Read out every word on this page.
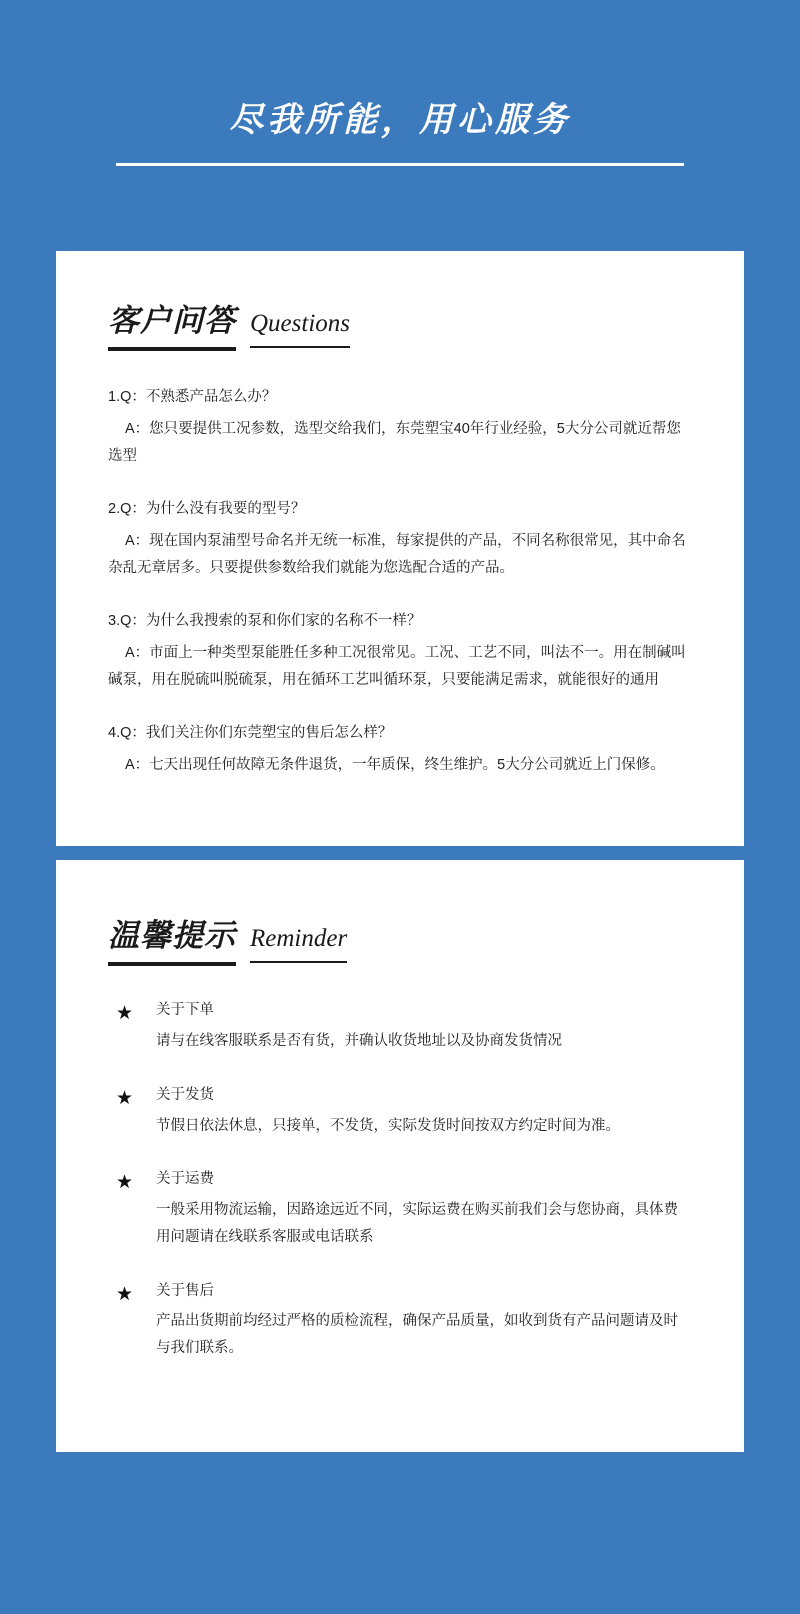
尽我所能，用心服务
客户问答 Questions
1.Q：不熟悉产品怎么办？
A：您只要提供工况参数，选型交给我们，东莞塑宝40年行业经验，5大分公司就近帮您选型
2.Q：为什么没有我要的型号？
A：现在国内泵浦型号命名并无统一标准，每家提供的产品，不同名称很常见，其中命名杂乱无章居多。只要提供参数给我们就能为您选配合适的产品。
3.Q：为什么我搜索的泵和你们家的名称不一样？
A：市面上一种类型泵能胜任多种工况很常见。工况、工艺不同，叫法不一。用在制碱叫碱泵，用在脱硫叫脱硫泵，用在循环工艺叫循环泵，只要能满足需求，就能很好的通用
4.Q：我们关注你们东莞塑宝的售后怎么样？
A：七天出现任何故障无条件退货，一年质保，终生维护。5大分公司就近上门保修。
温馨提示 Reminder
★	关于下单
请与在线客服联系是否有货，并确认收货地址以及协商发货情况
★	关于发货
节假日依法休息，只接单，不发货，实际发货时间按双方约定时间为准。
★	关于运费
一般采用物流运输，因路途远近不同，实际运费在购买前我们会与您协商，具体费用问题请在线联系客服或电话联系
★	关于售后
产品出货期前均经过严格的质检流程，确保产品质量，如收到货有产品问题请及时与我们联系。
